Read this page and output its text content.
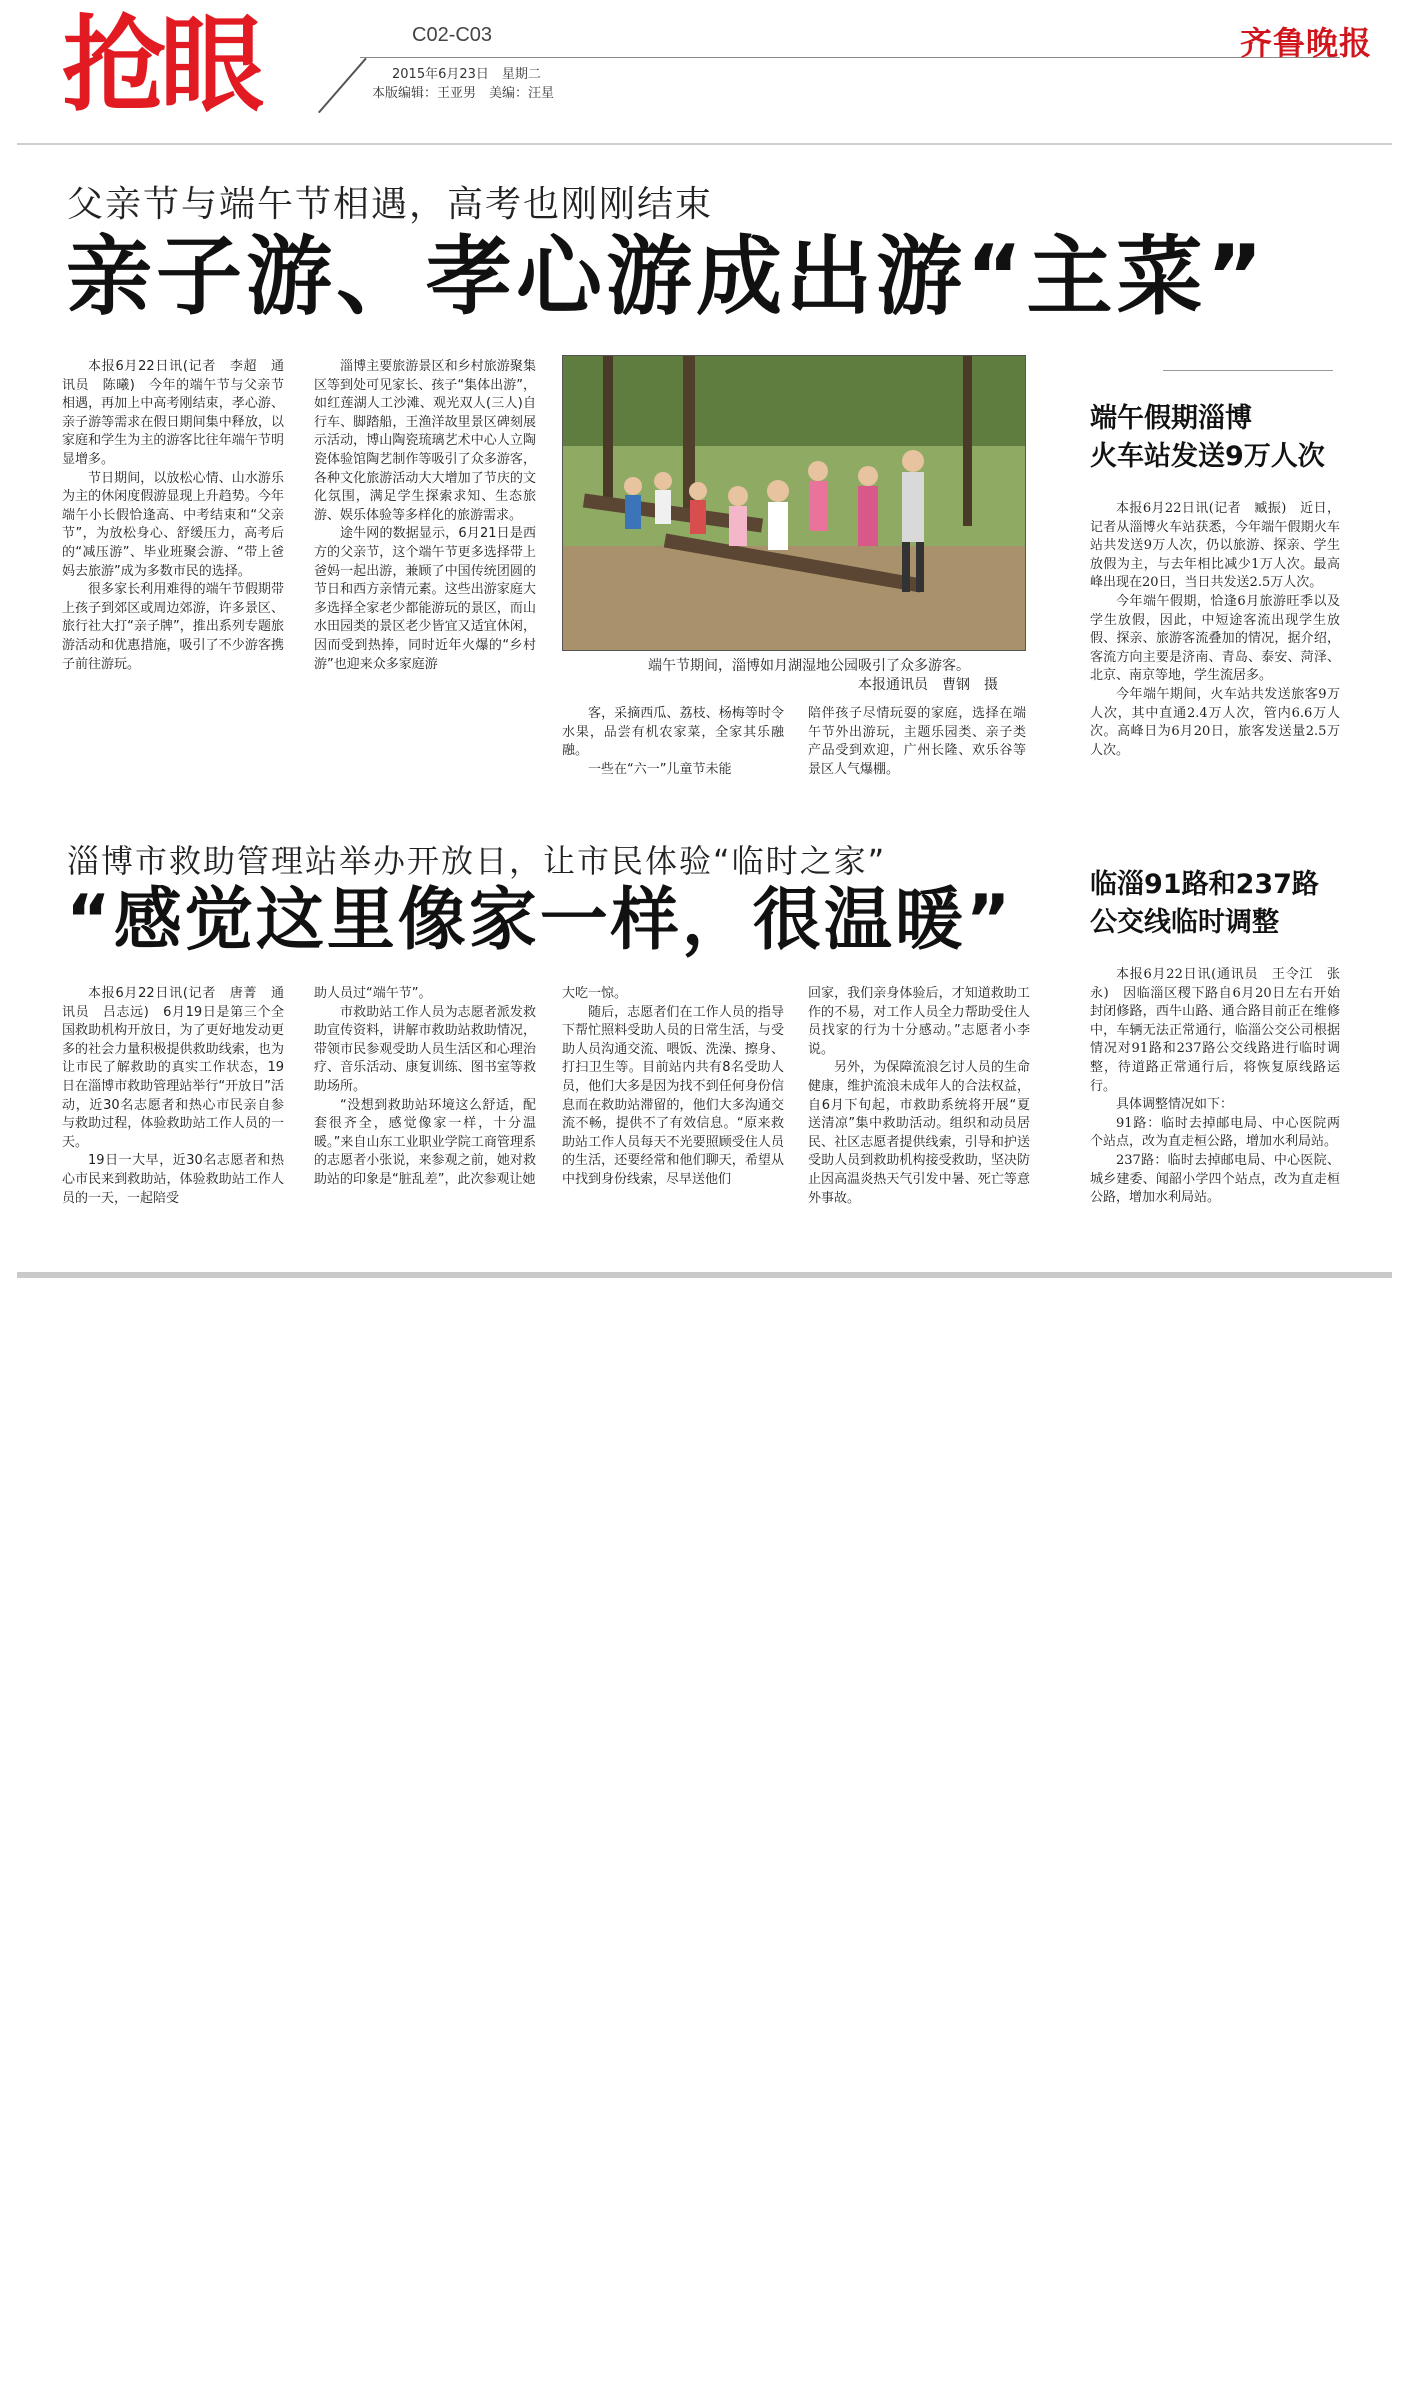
抢眼	C02-C03
2015年6月23日　星期二
本版编辑：王亚男　美编：汪星
齐鲁晚报
父亲节与端午节相遇，高考也刚刚结束
亲子游、孝心游成出游“主菜”

本报6月22日讯(记者　李超　通讯员　陈曦)　今年的端午节与父亲节相遇，再加上中高考刚结束，孝心游、亲子游等需求在假日期间集中释放，以家庭和学生为主的游客比往年端午节明显增多。

节日期间，以放松心情、山水游乐为主的休闲度假游显现上升趋势。今年端午小长假恰逢高、中考结束和“父亲节”，为放松身心、舒缓压力，高考后的“减压游”、毕业班聚会游、“带上爸妈去旅游”成为多数市民的选择。

很多家长利用难得的端午节假期带上孩子到郊区或周边郊游，许多景区、旅行社大打“亲子牌”，推出系列专题旅游活动和优惠措施，吸引了不少游客携子前往游玩。

淄博主要旅游景区和乡村旅游聚集区等到处可见家长、孩子“集体出游”，如红莲湖人工沙滩、观光双人(三人)自行车、脚踏船，王渔洋故里景区碑刻展示活动，博山陶瓷琉璃艺术中心人立陶瓷体验馆陶艺制作等吸引了众多游客，各种文化旅游活动大大增加了节庆的文化氛围，满足学生探索求知、生态旅游、娱乐体验等多样化的旅游需求。

途牛网的数据显示，6月21日是西方的父亲节，这个端午节更多选择带上爸妈一起出游，兼顾了中国传统团圆的节日和西方亲情元素。这些出游家庭大多选择全家老少都能游玩的景区，而山水田园类的景区老少皆宜又适宜休闲，因而受到热捧，同时近年火爆的“乡村游”也迎来众多家庭游	端午节期间，淄博如月湖湿地公园吸引了众多游客。
本报通讯员　曹钢　摄

客，采摘西瓜、荔枝、杨梅等时令水果，品尝有机农家菜，全家其乐融融。

一些在“六一”儿童节未能

陪伴孩子尽情玩耍的家庭，选择在端午节外出游玩，主题乐园类、亲子类产品受到欢迎，广州长隆、欢乐谷等景区人气爆棚。

淄博市救助管理站举办开放日，让市民体验“临时之家”
“感觉这里像家一样，很温暖”

本报6月22日讯(记者　唐菁　通讯员　吕志远)　6月19日是第三个全国救助机构开放日，为了更好地发动更多的社会力量积极提供救助线索，也为让市民了解救助的真实工作状态，19日在淄博市救助管理站举行“开放日”活动，近30名志愿者和热心市民亲自参与救助过程，体验救助站工作人员的一天。

19日一大早，近30名志愿者和热心市民来到救助站，体验救助站工作人员的一天，一起陪受

助人员过“端午节”。

市救助站工作人员为志愿者派发救助宣传资料，讲解市救助站救助情况，带领市民参观受助人员生活区和心理治疗、音乐活动、康复训练、图书室等救助场所。

“没想到救助站环境这么舒适，配套很齐全，感觉像家一样，十分温暖。”来自山东工业职业学院工商管理系的志愿者小张说，来参观之前，她对救助站的印象是“脏乱差”，此次参观让她

大吃一惊。

随后，志愿者们在工作人员的指导下帮忙照料受助人员的日常生活，与受助人员沟通交流、喂饭、洗澡、擦身、打扫卫生等。目前站内共有8名受助人员，他们大多是因为找不到任何身份信息而在救助站滞留的，他们大多沟通交流不畅，提供不了有效信息。“原来救助站工作人员每天不光要照顾受住人员的生活，还要经常和他们聊天，希望从中找到身份线索，尽早送他们

回家，我们亲身体验后，才知道救助工作的不易，对工作人员全力帮助受住人员找家的行为十分感动。”志愿者小李说。

另外，为保障流浪乞讨人员的生命健康，维护流浪未成年人的合法权益，自6月下旬起，市救助系统将开展“夏送清凉”集中救助活动。组织和动员居民、社区志愿者提供线索，引导和护送受助人员到救助机构接受救助，坚决防止因高温炎热天气引发中暑、死亡等意外事故。

端午假期淄博
火车站发送9万人次

本报6月22日讯(记者　臧振)　近日，记者从淄博火车站获悉，今年端午假期火车站共发送9万人次，仍以旅游、探亲、学生放假为主，与去年相比减少1万人次。最高峰出现在20日，当日共发送2.5万人次。

今年端午假期，恰逢6月旅游旺季以及学生放假，因此，中短途客流出现学生放假、探亲、旅游客流叠加的情况，据介绍，客流方向主要是济南、青岛、泰安、菏泽、北京、南京等地，学生流居多。

今年端午期间，火车站共发送旅客9万人次，其中直通2.4万人次，管内6.6万人次。高峰日为6月20日，旅客发送量2.5万人次。

临淄91路和237路
公交线临时调整

本报6月22日讯(通讯员　王令江　张永)　因临淄区稷下路自6月20日左右开始封闭修路，西牛山路、通合路目前正在维修中，车辆无法正常通行，临淄公交公司根据情况对91路和237路公交线路进行临时调整，待道路正常通行后，将恢复原线路运行。

具体调整情况如下：

91路：临时去掉邮电局、中心医院两个站点，改为直走桓公路，增加水利局站。

237路：临时去掉邮电局、中心医院、城乡建委、闻韶小学四个站点，改为直走桓公路，增加水利局站。
